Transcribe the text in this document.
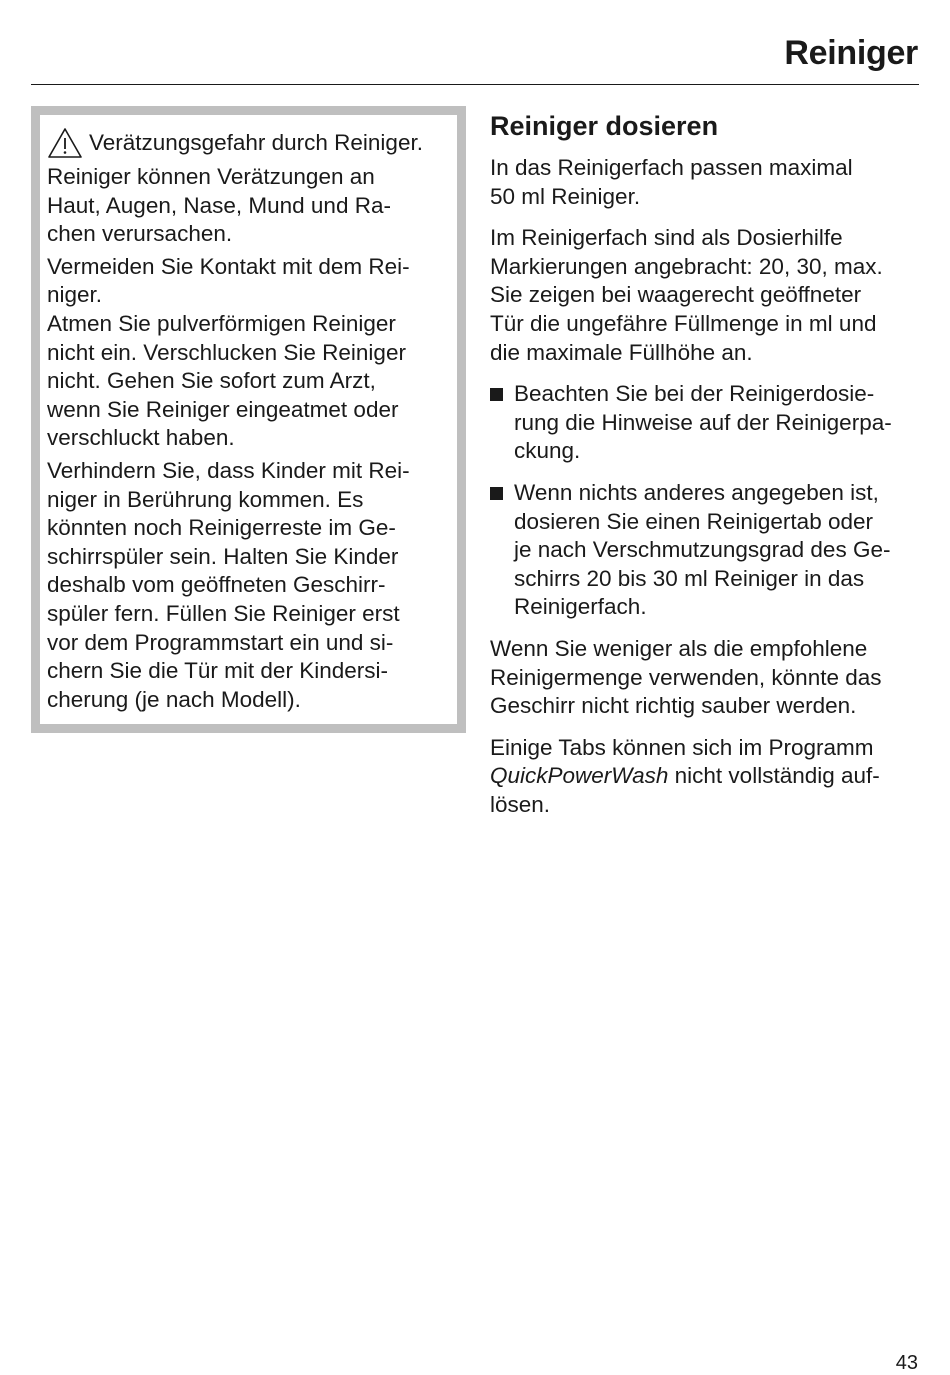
Reiniger
Verätzungsgefahr durch Reiniger.

Reiniger können Verätzungen an
Haut, Augen, Nase, Mund und Ra-
chen verursachen.

Vermeiden Sie Kontakt mit dem Rei-
niger.

Atmen Sie pulverförmigen Reiniger
nicht ein. Verschlucken Sie Reiniger
nicht. Gehen Sie sofort zum Arzt,
wenn Sie Reiniger eingeatmet oder
verschluckt haben.

Verhindern Sie, dass Kinder mit Rei-
niger in Berührung kommen. Es
könnten noch Reinigerreste im Ge-
schirrspüler sein. Halten Sie Kinder
deshalb vom geöffneten Geschirr-
spüler fern. Füllen Sie Reiniger erst
vor dem Programmstart ein und si-
chern Sie die Tür mit der Kindersi-
cherung (je nach Modell).

Reiniger dosieren

In das Reinigerfach passen maximal
50 ml Reiniger.

Im Reinigerfach sind als Dosierhilfe
Markierungen angebracht: 20, 30, max.
Sie zeigen bei waagerecht geöffneter
Tür die ungefähre Füllmenge in ml und
die maximale Füllhöhe an.

Beachten Sie bei der Reinigerdosie-
rung die Hinweise auf der Reinigerpa-
ckung.
Wenn nichts anderes angegeben ist,
dosieren Sie einen Reinigertab oder
je nach Verschmutzungsgrad des Ge-
schirrs 20 bis 30 ml Reiniger in das
Reinigerfach.

Wenn Sie weniger als die empfohlene
Reinigermenge verwenden, könnte das
Geschirr nicht richtig sauber werden.

Einige Tabs können sich im Programm
QuickPowerWash nicht vollständig auf-
lösen.

43
